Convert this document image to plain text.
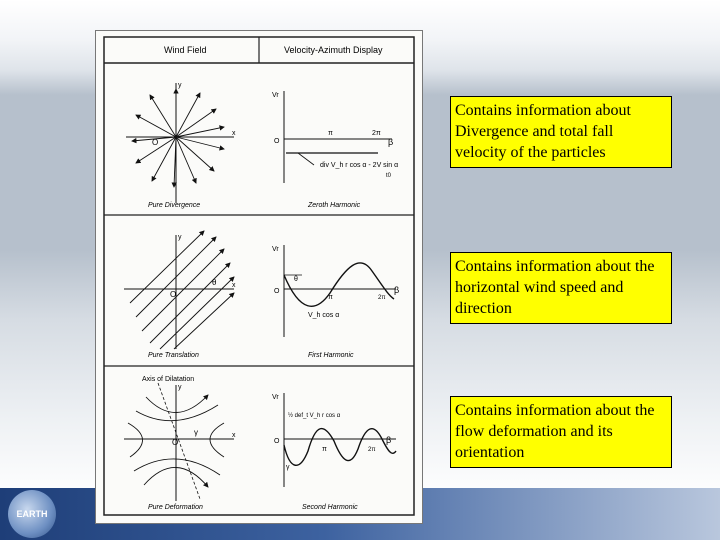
EARTH
Wind Field	Velocity-Azimuth Display
y
x
O
Pure Divergence
Vr
O
π	2π
β
div V_h r cos α - 2V sin α
t0
Zeroth Harmonic
y
x
O
θ
Pure Translation
Vr
O
θ
π	2π
β
V_h cos α
First Harmonic
Axis of Dilatation
y
x
O
γ
Pure Deformation
Vr
O
½ def_t V_h r cos α
π	2π
β
γ
Second Harmonic
Contains information about Divergence and total fall velocity of the particles
Contains information about the horizontal wind speed and direction
Contains information about the flow deformation and its orientation
